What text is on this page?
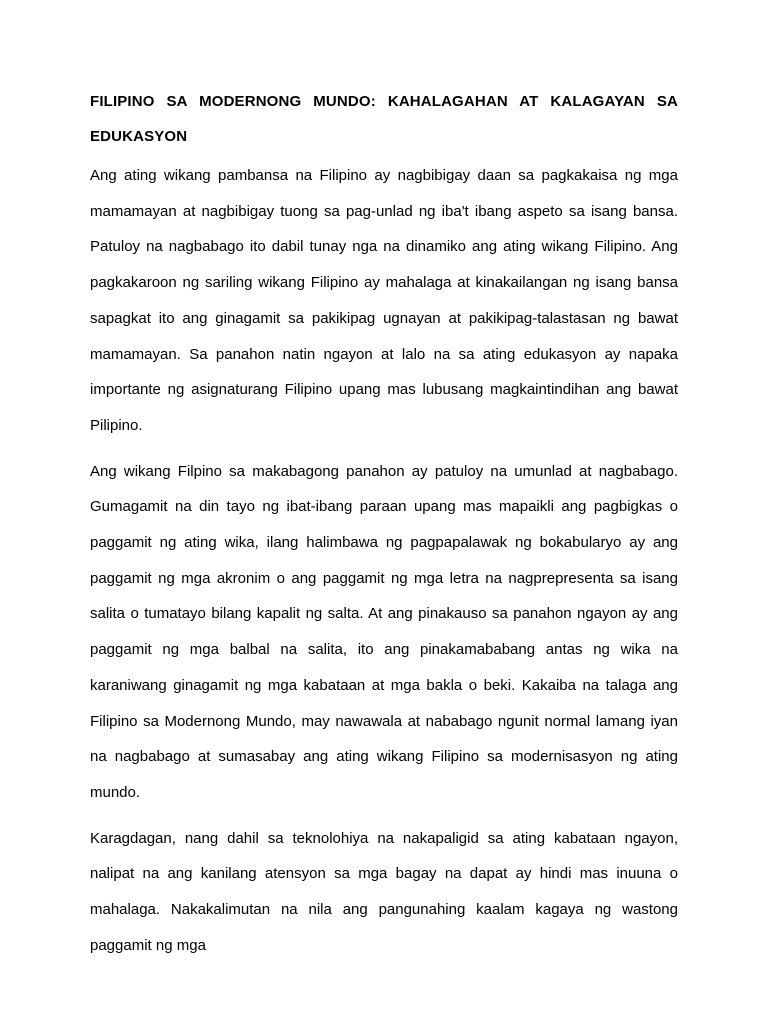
FILIPINO SA MODERNONG MUNDO: KAHALAGAHAN AT KALAGAYAN SA EDUKASYON

Ang ating wikang pambansa na Filipino ay nagbibigay daan sa pagkakaisa ng mga mamamayan at nagbibigay tuong sa pag-unlad ng iba't ibang aspeto sa isang bansa. Patuloy na nagbabago ito dabil tunay nga na dinamiko ang ating wikang Filipino. Ang pagkakaroon ng sariling wikang Filipino ay mahalaga at kinakailangan ng isang bansa sapagkat ito ang ginagamit sa pakikipag ugnayan at pakikipag-talastasan ng bawat mamamayan. Sa panahon natin ngayon at lalo na sa ating edukasyon ay napaka importante ng asignaturang Filipino upang mas lubusang magkaintindihan ang bawat Pilipino.

Ang wikang Filpino sa makabagong panahon ay patuloy na umunlad at nagbabago. Gumagamit na din tayo ng ibat-ibang paraan upang mas mapaikli ang pagbigkas o paggamit ng ating wika, ilang halimbawa ng pagpapalawak ng bokabularyo ay ang paggamit ng mga akronim o ang paggamit ng mga letra na nagprepresenta sa isang salita o tumatayo bilang kapalit ng salta. At ang pinakauso sa panahon ngayon ay ang paggamit ng mga balbal na salita, ito ang pinakamababang antas ng wika na karaniwang ginagamit ng mga kabataan at mga bakla o beki. Kakaiba na talaga ang Filipino sa Modernong Mundo, may nawawala at nababago ngunit normal lamang iyan na nagbabago at sumasabay ang ating wikang Filipino sa modernisasyon ng ating mundo.

Karagdagan, nang dahil sa teknolohiya na nakapaligid sa ating kabataan ngayon, nalipat na ang kanilang atensyon sa mga bagay na dapat ay hindi mas inuuna o mahalaga. Nakakalimutan na nila ang pangunahing kaalam kagaya ng wastong paggamit ng mga
